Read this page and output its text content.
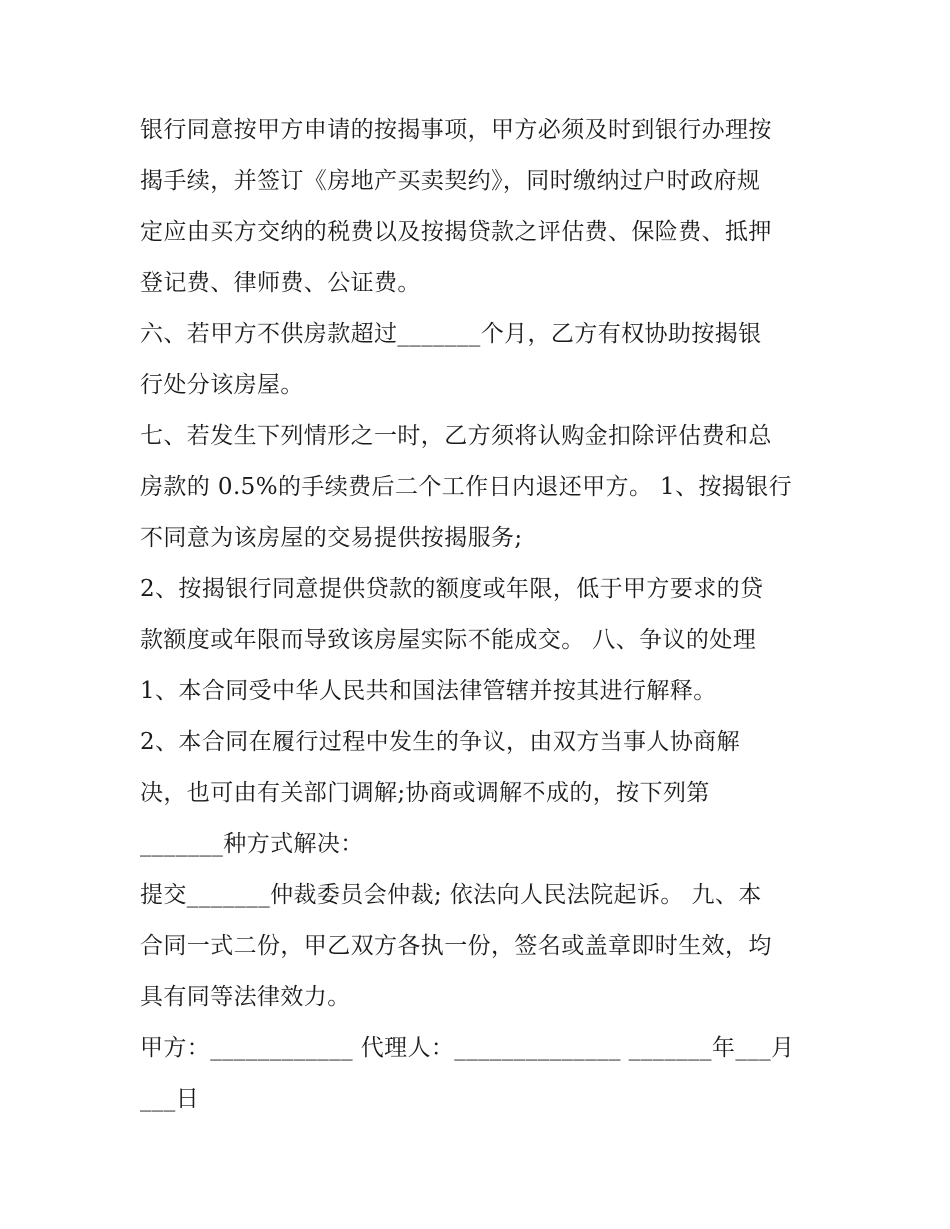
银行同意按甲方申请的按揭事项，甲方必须及时到银行办理按
揭手续，并签订《房地产买卖契约》，同时缴纳过户时政府规
定应由买方交纳的税费以及按揭贷款之评估费、保险费、抵押
登记费、律师费、公证费。
六、若甲方不供房款超过_______个月，乙方有权协助按揭银
行处分该房屋。
七、若发生下列情形之一时，乙方须将认购金扣除评估费和总
房款的 0.5%的手续费后二个工作日内退还甲方。 1、按揭银行
不同意为该房屋的交易提供按揭服务;
2、按揭银行同意提供贷款的额度或年限，低于甲方要求的贷
款额度或年限而导致该房屋实际不能成交。 八、争议的处理
1、本合同受中华人民共和国法律管辖并按其进行解释。
2、本合同在履行过程中发生的争议，由双方当事人协商解
决，也可由有关部门调解;协商或调解不成的，按下列第
_______种方式解决：
提交_______仲裁委员会仲裁; 依法向人民法院起诉。 九、本
合同一式二份，甲乙双方各执一份，签名或盖章即时生效，均
具有同等法律效力。
甲方：____________ 代理人：______________ _______年___月
___日
